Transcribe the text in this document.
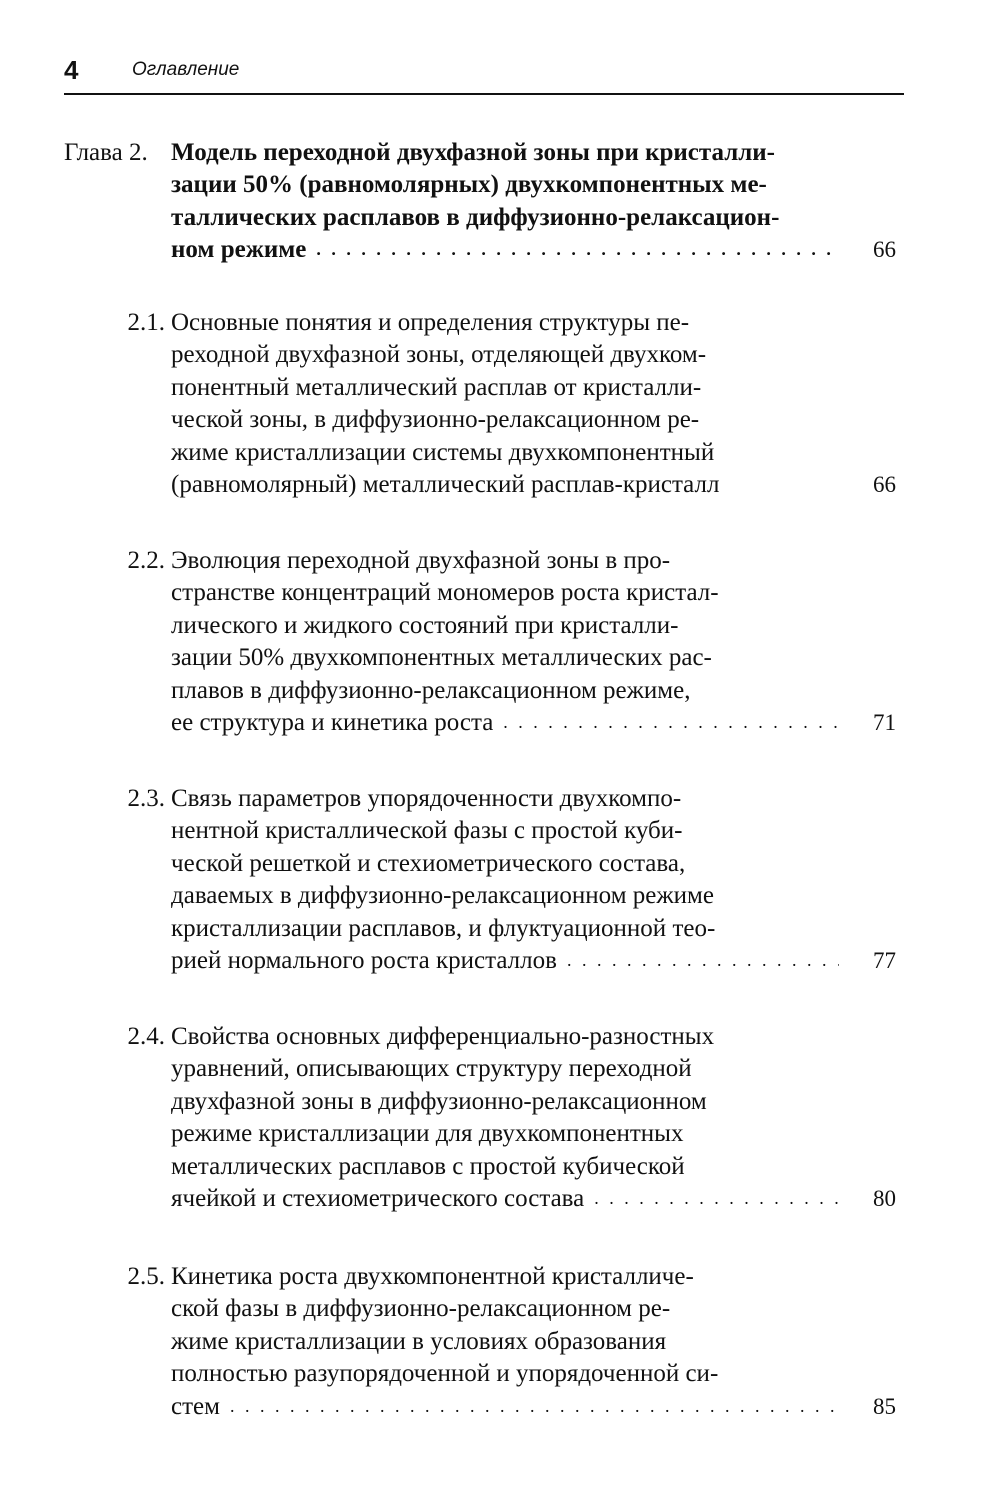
4	Оглавление
Глава 2. Модель переходной двухфазной зоны при кристалли-
зации 50% (равномолярных) двухкомпонентных ме-
таллических расплавов в диффузионно-релаксацион-
ном режиме . . .	66
2.1. Основные понятия и определения структуры пе-
реходной двухфазной зоны, отделяющей двухком-
понентный металлический расплав от кристалли-
ческой зоны, в диффузионно-релаксационном ре-
жиме кристаллизации системы двухкомпонентный
(равномолярный) металлический расплав-кристалл	66
2.2. Эволюция переходной двухфазной зоны в про-
странстве концентраций мономеров роста кристал-
лического и жидкого состояний при кристалли-
зации 50% двухкомпонентных металлических рас-
плавов в диффузионно-релаксационном режиме,
ее структура и кинетика роста . . .	71
2.3. Связь параметров упорядоченности двухкомпо-
нентной кристаллической фазы с простой куби-
ческой решеткой и стехиометрического состава,
даваемых в диффузионно-релаксационном режиме
кристаллизации расплавов, и флуктуационной тео-
рией нормального роста кристаллов . . .	77
2.4. Свойства основных дифференциально-разностных
уравнений, описывающих структуру переходной
двухфазной зоны в диффузионно-релаксационном
режиме кристаллизации для двухкомпонентных
металлических расплавов с простой кубической
ячейкой и стехиометрического состава . . .	80
2.5. Кинетика роста двухкомпонентной кристалличе-
ской фазы в диффузионно-релаксационном ре-
жиме кристаллизации в условиях образования
полностью разупорядоченной и упорядоченной си-
стем . . .	85
